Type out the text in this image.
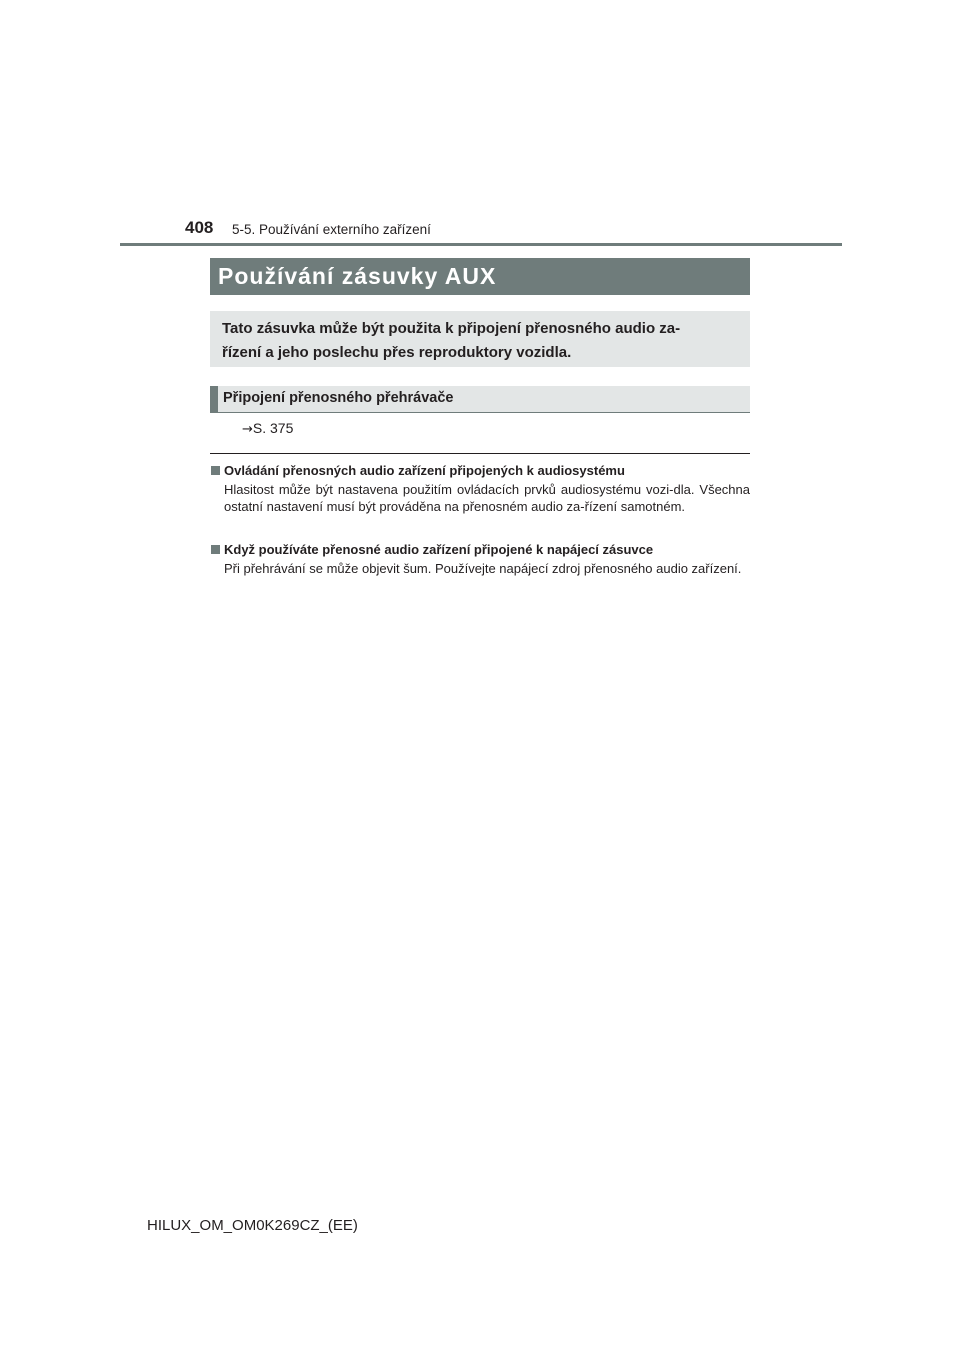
408 5-5. Používání externího zařízení
Používání zásuvky AUX
Tato zásuvka může být použita k připojení přenosného audio za-
řízení a jeho poslechu přes reproduktory vozidla.
Připojení přenosného přehrávače
→S. 375
Ovládání přenosných audio zařízení připojených k audiosystému
Hlasitost může být nastavena použitím ovládacích prvků audiosystému vozi-dla. Všechna ostatní nastavení musí být prováděna na přenosném audio za-řízení samotném.
Když používáte přenosné audio zařízení připojené k napájecí zásuvce
Při přehrávání se může objevit šum. Používejte napájecí zdroj přenosného audio zařízení.
HILUX_OM_OM0K269CZ_(EE)
